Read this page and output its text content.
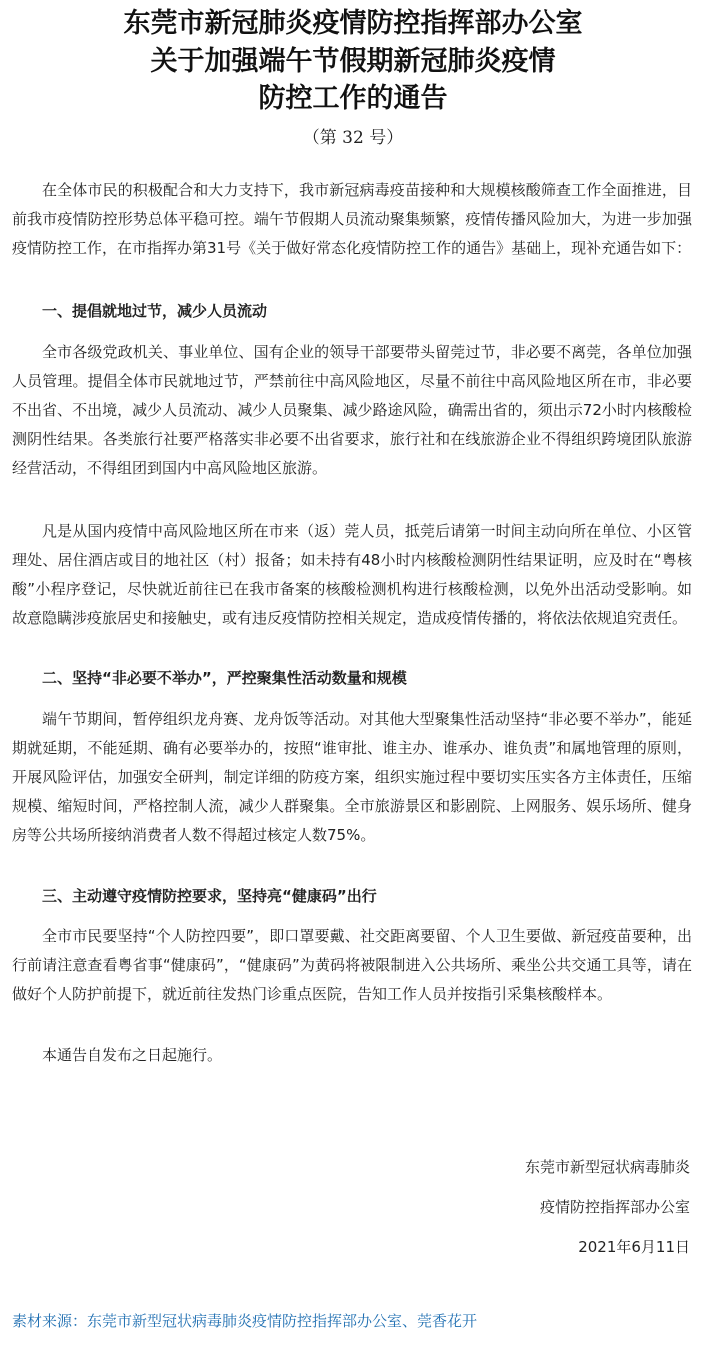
东莞市新冠肺炎疫情防控指挥部办公室
关于加强端午节假期新冠肺炎疫情
防控工作的通告
（第 32 号）

在全体市民的积极配合和大力支持下，我市新冠病毒疫苗接种和大规模核酸筛查工作全面推进，目前我市疫情防控形势总体平稳可控。端午节假期人员流动聚集频繁，疫情传播风险加大，为进一步加强疫情防控工作，在市指挥办第31号《关于做好常态化疫情防控工作的通告》基础上，现补充通告如下：

一、提倡就地过节，减少人员流动

全市各级党政机关、事业单位、国有企业的领导干部要带头留莞过节，非必要不离莞，各单位加强人员管理。提倡全体市民就地过节，严禁前往中高风险地区，尽量不前往中高风险地区所在市，非必要不出省、不出境，减少人员流动、减少人员聚集、减少路途风险，确需出省的，须出示72小时内核酸检测阴性结果。各类旅行社要严格落实非必要不出省要求，旅行社和在线旅游企业不得组织跨境团队旅游经营活动，不得组团到国内中高风险地区旅游。

凡是从国内疫情中高风险地区所在市来（返）莞人员，抵莞后请第一时间主动向所在单位、小区管理处、居住酒店或目的地社区（村）报备；如未持有48小时内核酸检测阴性结果证明，应及时在“粤核酸”小程序登记，尽快就近前往已在我市备案的核酸检测机构进行核酸检测，以免外出活动受影响。如故意隐瞒涉疫旅居史和接触史，或有违反疫情防控相关规定，造成疫情传播的，将依法依规追究责任。

二、坚持“非必要不举办”，严控聚集性活动数量和规模

端午节期间，暂停组织龙舟赛、龙舟饭等活动。对其他大型聚集性活动坚持“非必要不举办”，能延期就延期，不能延期、确有必要举办的，按照“谁审批、谁主办、谁承办、谁负责”和属地管理的原则，开展风险评估，加强安全研判，制定详细的防疫方案，组织实施过程中要切实压实各方主体责任，压缩规模、缩短时间，严格控制人流，减少人群聚集。全市旅游景区和影剧院、上网服务、娱乐场所、健身房等公共场所接纳消费者人数不得超过核定人数75%。

三、主动遵守疫情防控要求，坚持亮“健康码”出行

全市市民要坚持“个人防控四要”，即口罩要戴、社交距离要留、个人卫生要做、新冠疫苗要种，出行前请注意查看粤省事“健康码”，“健康码”为黄码将被限制进入公共场所、乘坐公共交通工具等，请在做好个人防护前提下，就近前往发热门诊重点医院，告知工作人员并按指引采集核酸样本。

本通告自发布之日起施行。

东莞市新型冠状病毒肺炎
疫情防控指挥部办公室
2021年6月11日
素材来源：东莞市新型冠状病毒肺炎疫情防控指挥部办公室、莞香花开
